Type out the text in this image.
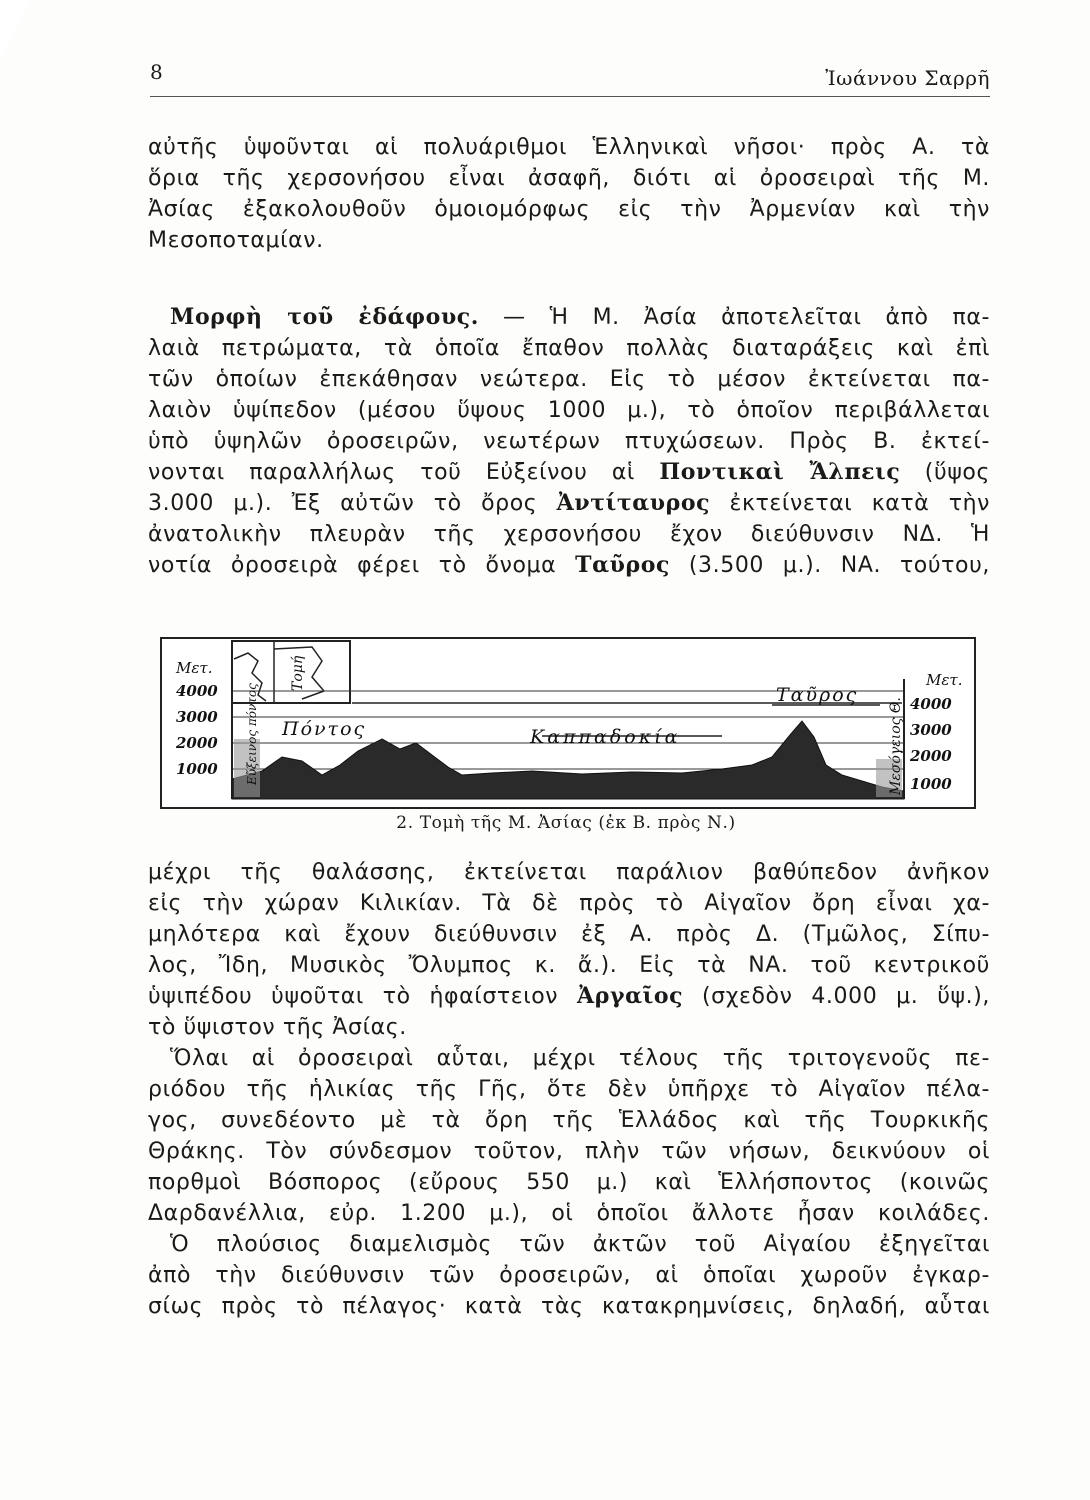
8	Ἰωάννου Σαρρῆ
αὐτῆς ὑψοῦνται αἱ πολυάριθμοι Ἑλληνικαὶ νῆσοι· πρὸς Α. τὰ
ὅρια τῆς χερσονήσου εἶναι ἀσαφῆ, διότι αἱ ὀροσειραὶ τῆς Μ.
Ἀσίας ἐξακολουθοῦν ὁμοιομόρφως εἰς τὴν Ἀρμενίαν καὶ τὴν
Μεσοποταμίαν.
Μορφὴ τοῦ ἐδάφους. — Ἡ Μ. Ἀσία ἀποτελεῖται ἀπὸ πα-
λαιὰ πετρώματα, τὰ ὁποῖα ἔπαθον πολλὰς διαταράξεις καὶ ἐπὶ
τῶν ὁποίων ἐπεκάθησαν νεώτερα. Εἰς τὸ μέσον ἐκτείνεται πα-
λαιὸν ὑψίπεδον (μέσου ὕψους 1000 μ.), τὸ ὁποῖον περιβάλλεται
ὑπὸ ὑψηλῶν ὀροσειρῶν, νεωτέρων πτυχώσεων. Πρὸς Β. ἐκτεί-
νονται παραλλήλως τοῦ Εὐξείνου αἱ Ποντικαὶ Ἄλπεις (ὕψος
3.000 μ.). Ἐξ αὐτῶν τὸ ὄρος Ἀντίταυρος ἐκτείνεται κατὰ τὴν
ἀνατολικὴν πλευρὰν τῆς χερσονήσου ἔχον διεύθυνσιν ΝΔ. Ἡ
νοτία ὀροσειρὰ φέρει τὸ ὄνομα Ταῦρος (3.500 μ.). ΝΑ. τούτου,
Μετ.
4000
3000
2000
1000
Μετ.
4000
3000
2000
1000
Τομή
Εὔξεινος πόντος Πόντος	Καππαδοκία
Ταῦρος
Μεσόγειος Θ.
2. Τομὴ τῆς Μ. Ἀσίας (ἐκ Β. πρὸς Ν.)
μέχρι τῆς θαλάσσης, ἐκτείνεται παράλιον βαθύπεδον ἀνῆκον
εἰς τὴν χώραν Κιλικίαν. Τὰ δὲ πρὸς τὸ Αἰγαῖον ὄρη εἶναι χα-
μηλότερα καὶ ἔχουν διεύθυνσιν ἐξ Α. πρὸς Δ. (Τμῶλος, Σίπυ-
λος, Ἴδη, Μυσικὸς Ὄλυμπος κ. ἄ.). Εἰς τὰ ΝΑ. τοῦ κεντρικοῦ
ὑψιπέδου ὑψοῦται τὸ ἡφαίστειον Ἀργαῖος (σχεδὸν 4.000 μ. ὕψ.),
τὸ ὕψιστον τῆς Ἀσίας.
Ὅλαι αἱ ὀροσειραὶ αὗται, μέχρι τέλους τῆς τριτογενοῦς πε-
ριόδου τῆς ἡλικίας τῆς Γῆς, ὅτε δὲν ὑπῆρχε τὸ Αἰγαῖον πέλα-
γος, συνεδέοντο μὲ τὰ ὄρη τῆς Ἑλλάδος καὶ τῆς Τουρκικῆς
Θράκης. Τὸν σύνδεσμον τοῦτον, πλὴν τῶν νήσων, δεικνύουν οἱ
πορθμοὶ Βόσπορος (εὔρους 550 μ.) καὶ Ἑλλήσποντος (κοινῶς
Δαρδανέλλια, εὐρ. 1.200 μ.), οἱ ὁποῖοι ἄλλοτε ἦσαν κοιλάδες.
Ὁ πλούσιος διαμελισμὸς τῶν ἀκτῶν τοῦ Αἰγαίου ἐξηγεῖται
ἀπὸ τὴν διεύθυνσιν τῶν ὀροσειρῶν, αἱ ὁποῖαι χωροῦν ἐγκαρ-
σίως πρὸς τὸ πέλαγος· κατὰ τὰς κατακρημνίσεις, δηλαδή, αὗται
